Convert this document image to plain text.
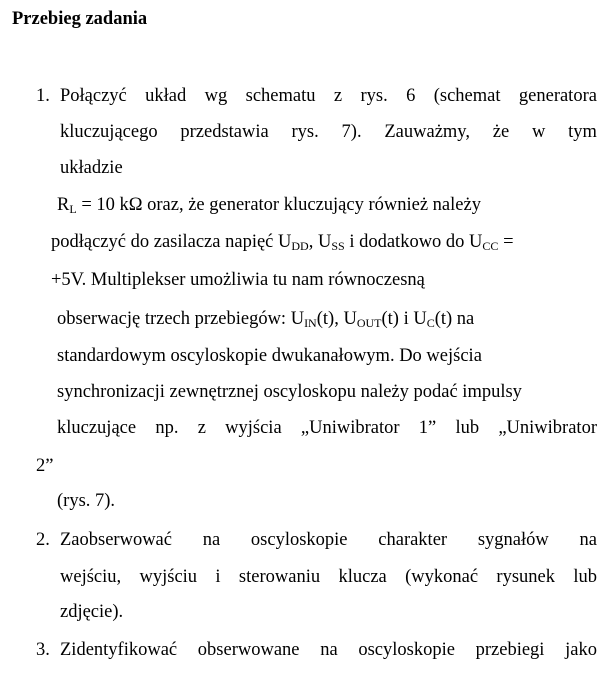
Przebieg zadania
1. Połączyć układ wg schematu z rys. 6 (schemat generatora
kluczującego przedstawia rys. 7). Zauważmy, że w tym
układzie
$R_L = 10$ kΩ oraz, że generator kluczujący również należy
podłączyć do zasilacza napięć $U_{DD}$, $U_{SS}$ i dodatkowo do $U_{CC}$ =
+5V. Multiplekser umożliwia tu nam równoczesną
obserwację trzech przebiegów: $U_{IN}(t)$, $U_{OUT}(t)$ i $U_C(t)$ na
standardowym oscyloskopie dwukanałowym. Do wejścia
synchronizacji zewnętrznej oscyloskopu należy podać impulsy
kluczujące np. z wyjścia „Uniwibrator 1” lub „Uniwibrator
2”
(rys. 7).
2. Zaobserwować na oscyloskopie charakter sygnałów na
wejściu, wyjściu i sterowaniu klucza (wykonać rysunek lub
zdjęcie).
3. Zidentyfikować obserwowane na oscyloskopie przebiegi jako
